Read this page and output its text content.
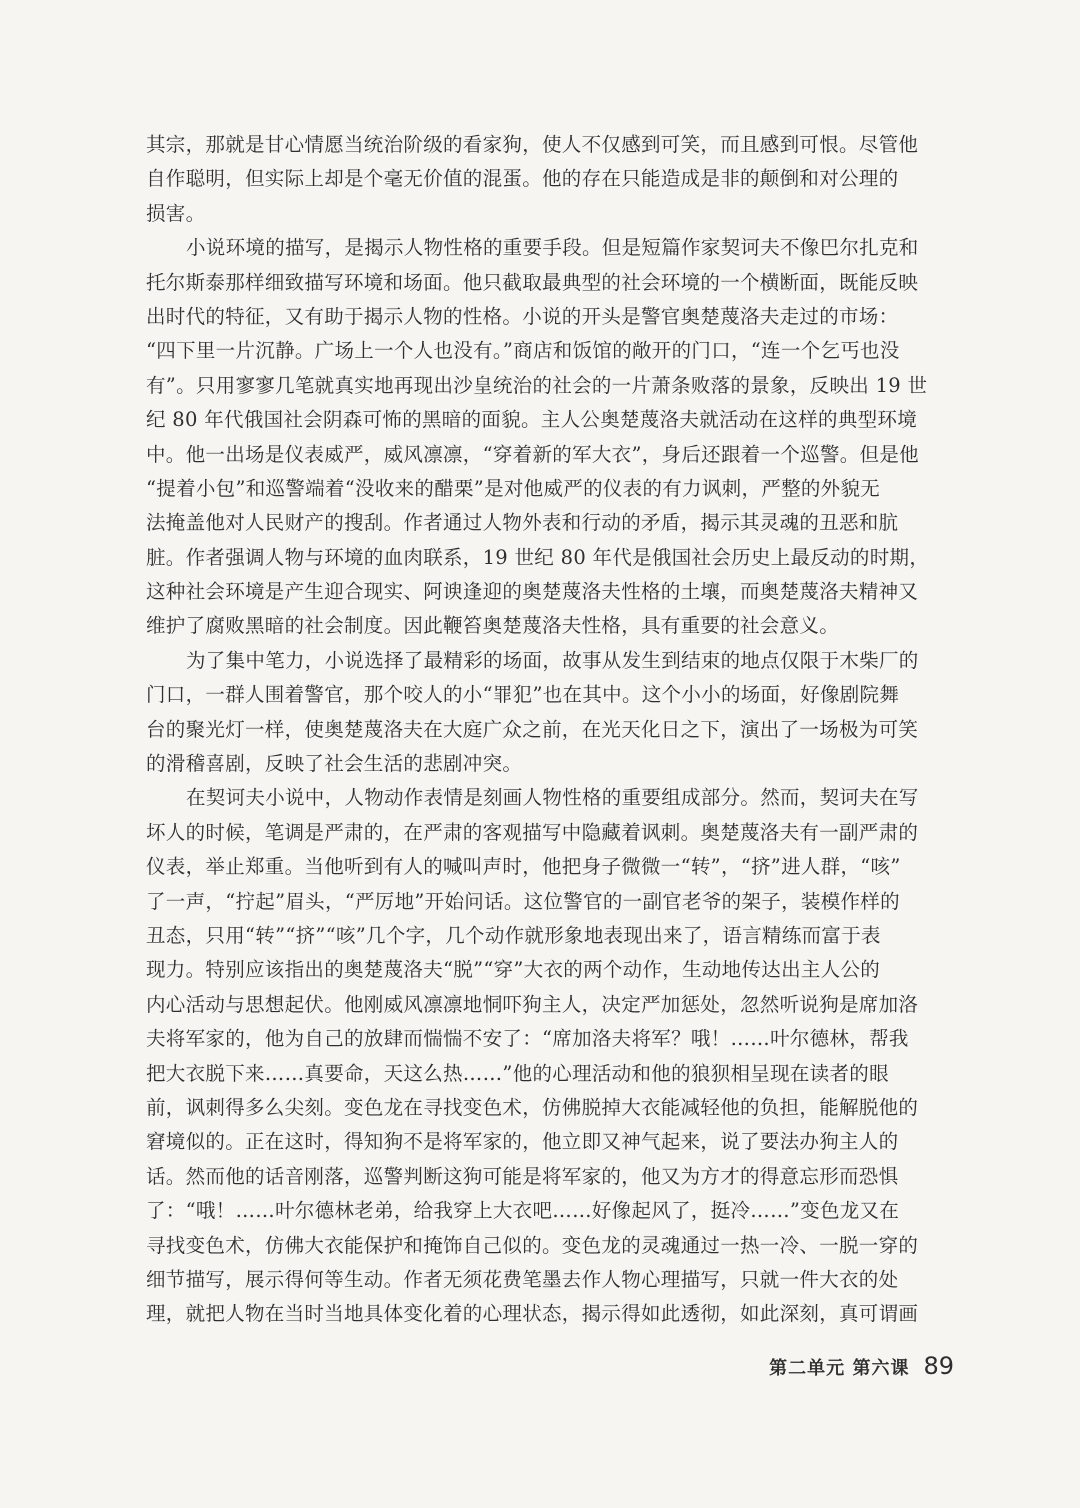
其宗，那就是甘心情愿当统治阶级的看家狗，使人不仅感到可笑，而且感到可恨。尽管他
自作聪明，但实际上却是个毫无价值的混蛋。他的存在只能造成是非的颠倒和对公理的
损害。
小说环境的描写，是揭示人物性格的重要手段。但是短篇作家契诃夫不像巴尔扎克和
托尔斯泰那样细致描写环境和场面。他只截取最典型的社会环境的一个横断面，既能反映
出时代的特征，又有助于揭示人物的性格。小说的开头是警官奥楚蔑洛夫走过的市场：
“四下里一片沉静。广场上一个人也没有。”商店和饭馆的敞开的门口，“连一个乞丐也没
有”。只用寥寥几笔就真实地再现出沙皇统治的社会的一片萧条败落的景象，反映出 19 世
纪 80 年代俄国社会阴森可怖的黑暗的面貌。主人公奥楚蔑洛夫就活动在这样的典型环境
中。他一出场是仪表威严，威风凛凛，“穿着新的军大衣”，身后还跟着一个巡警。但是他
“提着小包”和巡警端着“没收来的醋栗”是对他威严的仪表的有力讽刺，严整的外貌无
法掩盖他对人民财产的搜刮。作者通过人物外表和行动的矛盾，揭示其灵魂的丑恶和肮
脏。作者强调人物与环境的血肉联系，19 世纪 80 年代是俄国社会历史上最反动的时期，
这种社会环境是产生迎合现实、阿谀逢迎的奥楚蔑洛夫性格的土壤，而奥楚蔑洛夫精神又
维护了腐败黑暗的社会制度。因此鞭笞奥楚蔑洛夫性格，具有重要的社会意义。
为了集中笔力，小说选择了最精彩的场面，故事从发生到结束的地点仅限于木柴厂的
门口，一群人围着警官，那个咬人的小“罪犯”也在其中。这个小小的场面，好像剧院舞
台的聚光灯一样，使奥楚蔑洛夫在大庭广众之前，在光天化日之下，演出了一场极为可笑
的滑稽喜剧，反映了社会生活的悲剧冲突。
在契诃夫小说中，人物动作表情是刻画人物性格的重要组成部分。然而，契诃夫在写
坏人的时候，笔调是严肃的，在严肃的客观描写中隐藏着讽刺。奥楚蔑洛夫有一副严肃的
仪表，举止郑重。当他听到有人的喊叫声时，他把身子微微一“转”，“挤”进人群，“咳”
了一声，“拧起”眉头，“严厉地”开始问话。这位警官的一副官老爷的架子，装模作样的
丑态，只用“转”“挤”“咳”几个字，几个动作就形象地表现出来了，语言精练而富于表
现力。特别应该指出的奥楚蔑洛夫“脱”“穿”大衣的两个动作，生动地传达出主人公的
内心活动与思想起伏。他刚威风凛凛地恫吓狗主人，决定严加惩处，忽然听说狗是席加洛
夫将军家的，他为自己的放肆而惴惴不安了：“席加洛夫将军？哦！……叶尔德林，帮我
把大衣脱下来……真要命，天这么热……”他的心理活动和他的狼狈相呈现在读者的眼
前，讽刺得多么尖刻。变色龙在寻找变色术，仿佛脱掉大衣能减轻他的负担，能解脱他的
窘境似的。正在这时，得知狗不是将军家的，他立即又神气起来，说了要法办狗主人的
话。然而他的话音刚落，巡警判断这狗可能是将军家的，他又为方才的得意忘形而恐惧
了：“哦！……叶尔德林老弟，给我穿上大衣吧……好像起风了，挺冷……”变色龙又在
寻找变色术，仿佛大衣能保护和掩饰自己似的。变色龙的灵魂通过一热一冷、一脱一穿的
细节描写，展示得何等生动。作者无须花费笔墨去作人物心理描写，只就一件大衣的处
理，就把人物在当时当地具体变化着的心理状态，揭示得如此透彻，如此深刻，真可谓画
第二单元 第六课 89
